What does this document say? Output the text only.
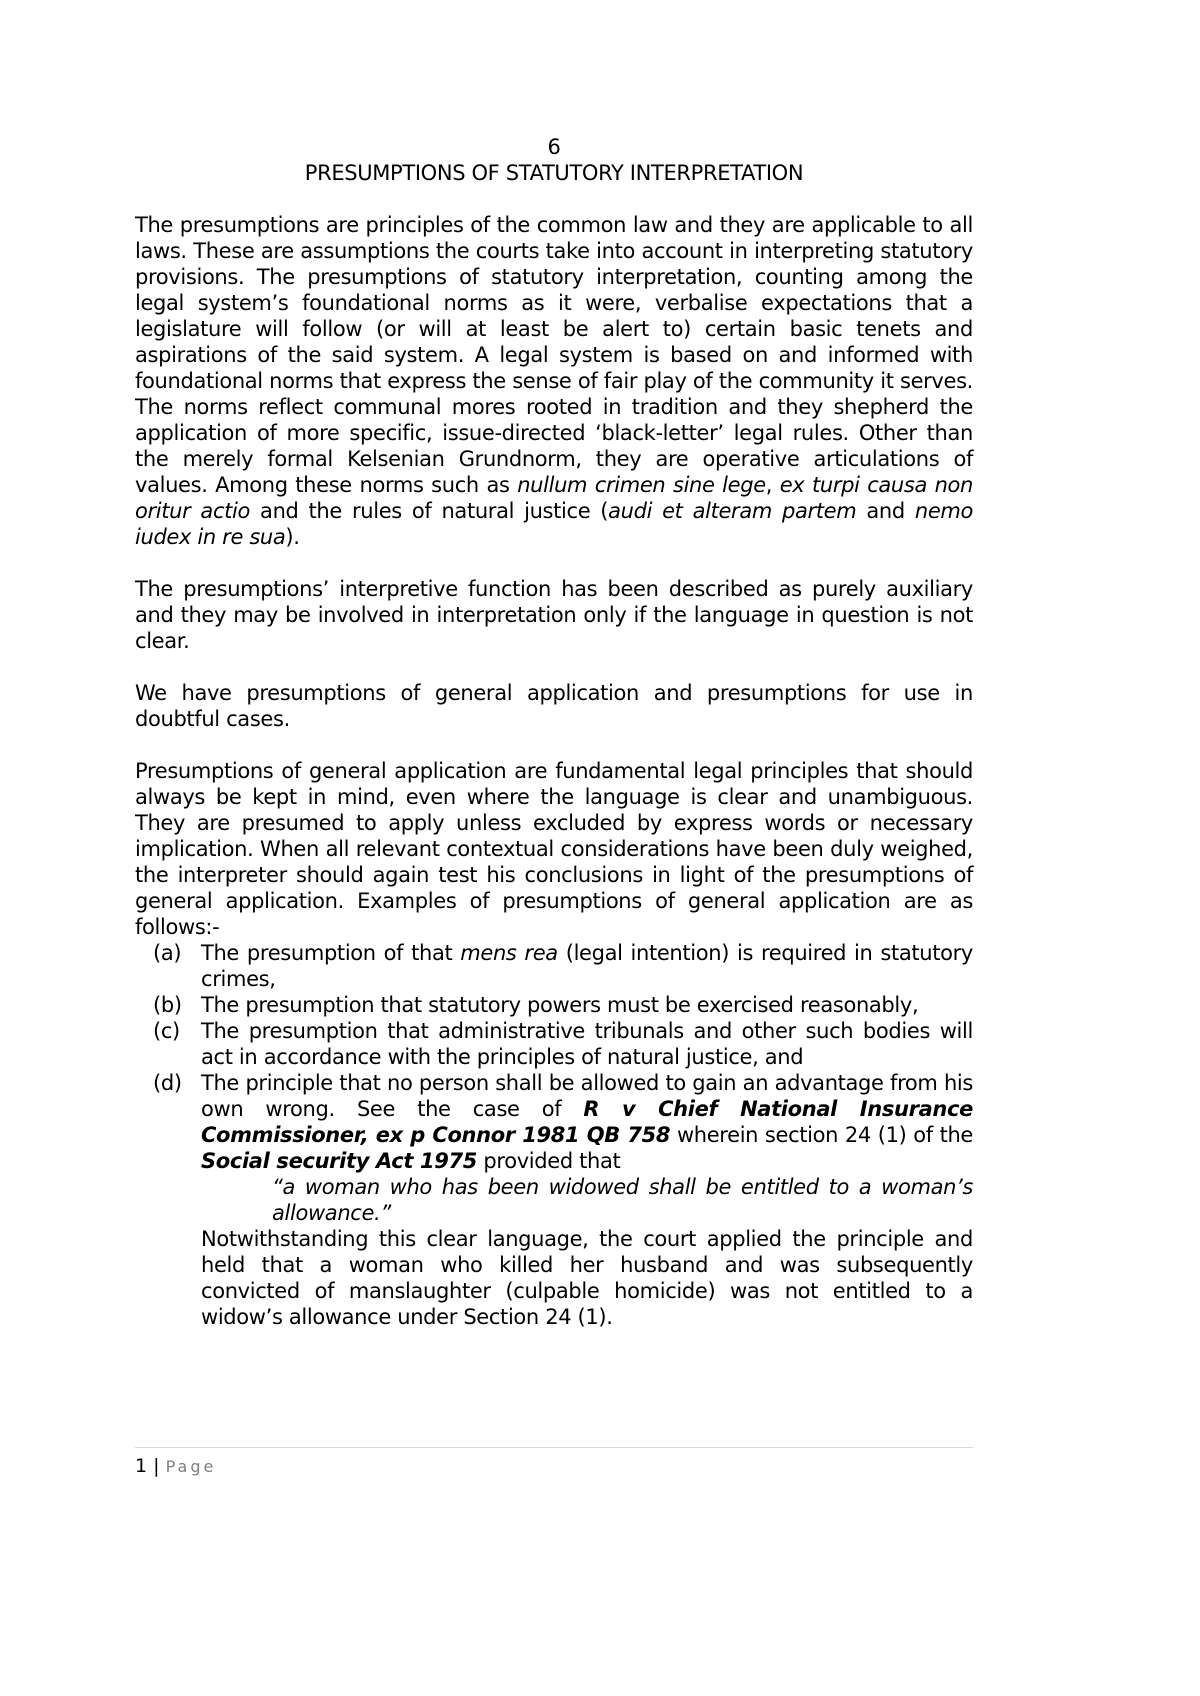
6
PRESUMPTIONS OF STATUTORY INTERPRETATION

The presumptions are principles of the common law and they are applicable to all laws. These are assumptions the courts take into account in interpreting statutory provisions. The presumptions of statutory interpretation, counting among the legal system’s foundational norms as it were, verbalise expectations that a legislature will follow (or will at least be alert to) certain basic tenets and aspirations of the said system. A legal system is based on and informed with foundational norms that express the sense of fair play of the community it serves. The norms reflect communal mores rooted in tradition and they shepherd the application of more specific, issue-directed ‘black-letter’ legal rules. Other than the merely formal Kelsenian Grundnorm, they are operative articulations of values. Among these norms such as nullum crimen sine lege, ex turpi causa non oritur actio and the rules of natural justice (audi et alteram partem and nemo iudex in re sua).

The presumptions’ interpretive function has been described as purely auxiliary and they may be involved in interpretation only if the language in question is not clear.

We have presumptions of general application and presumptions for use in doubtful cases.

Presumptions of general application are fundamental legal principles that should always be kept in mind, even where the language is clear and unambiguous. They are presumed to apply unless excluded by express words or necessary implication. When all relevant contextual considerations have been duly weighed, the interpreter should again test his conclusions in light of the presumptions of general application. Examples of presumptions of general application are as follows:-

(a) The presumption of that mens rea (legal intention) is required in statutory crimes,
(b) The presumption that statutory powers must be exercised reasonably,
(c) The presumption that administrative tribunals and other such bodies will act in accordance with the principles of natural justice, and
(d) The principle that no person shall be allowed to gain an advantage from his own wrong. See the case of R v Chief National Insurance Commissioner, ex p Connor 1981 QB 758 wherein section 24 (1) of the Social security Act 1975 provided that
“a woman who has been widowed shall be entitled to a woman’s allowance.”
Notwithstanding this clear language, the court applied the principle and held that a woman who killed her husband and was subsequently convicted of manslaughter (culpable homicide) was not entitled to a widow’s allowance under Section 24 (1).
1 | Page
